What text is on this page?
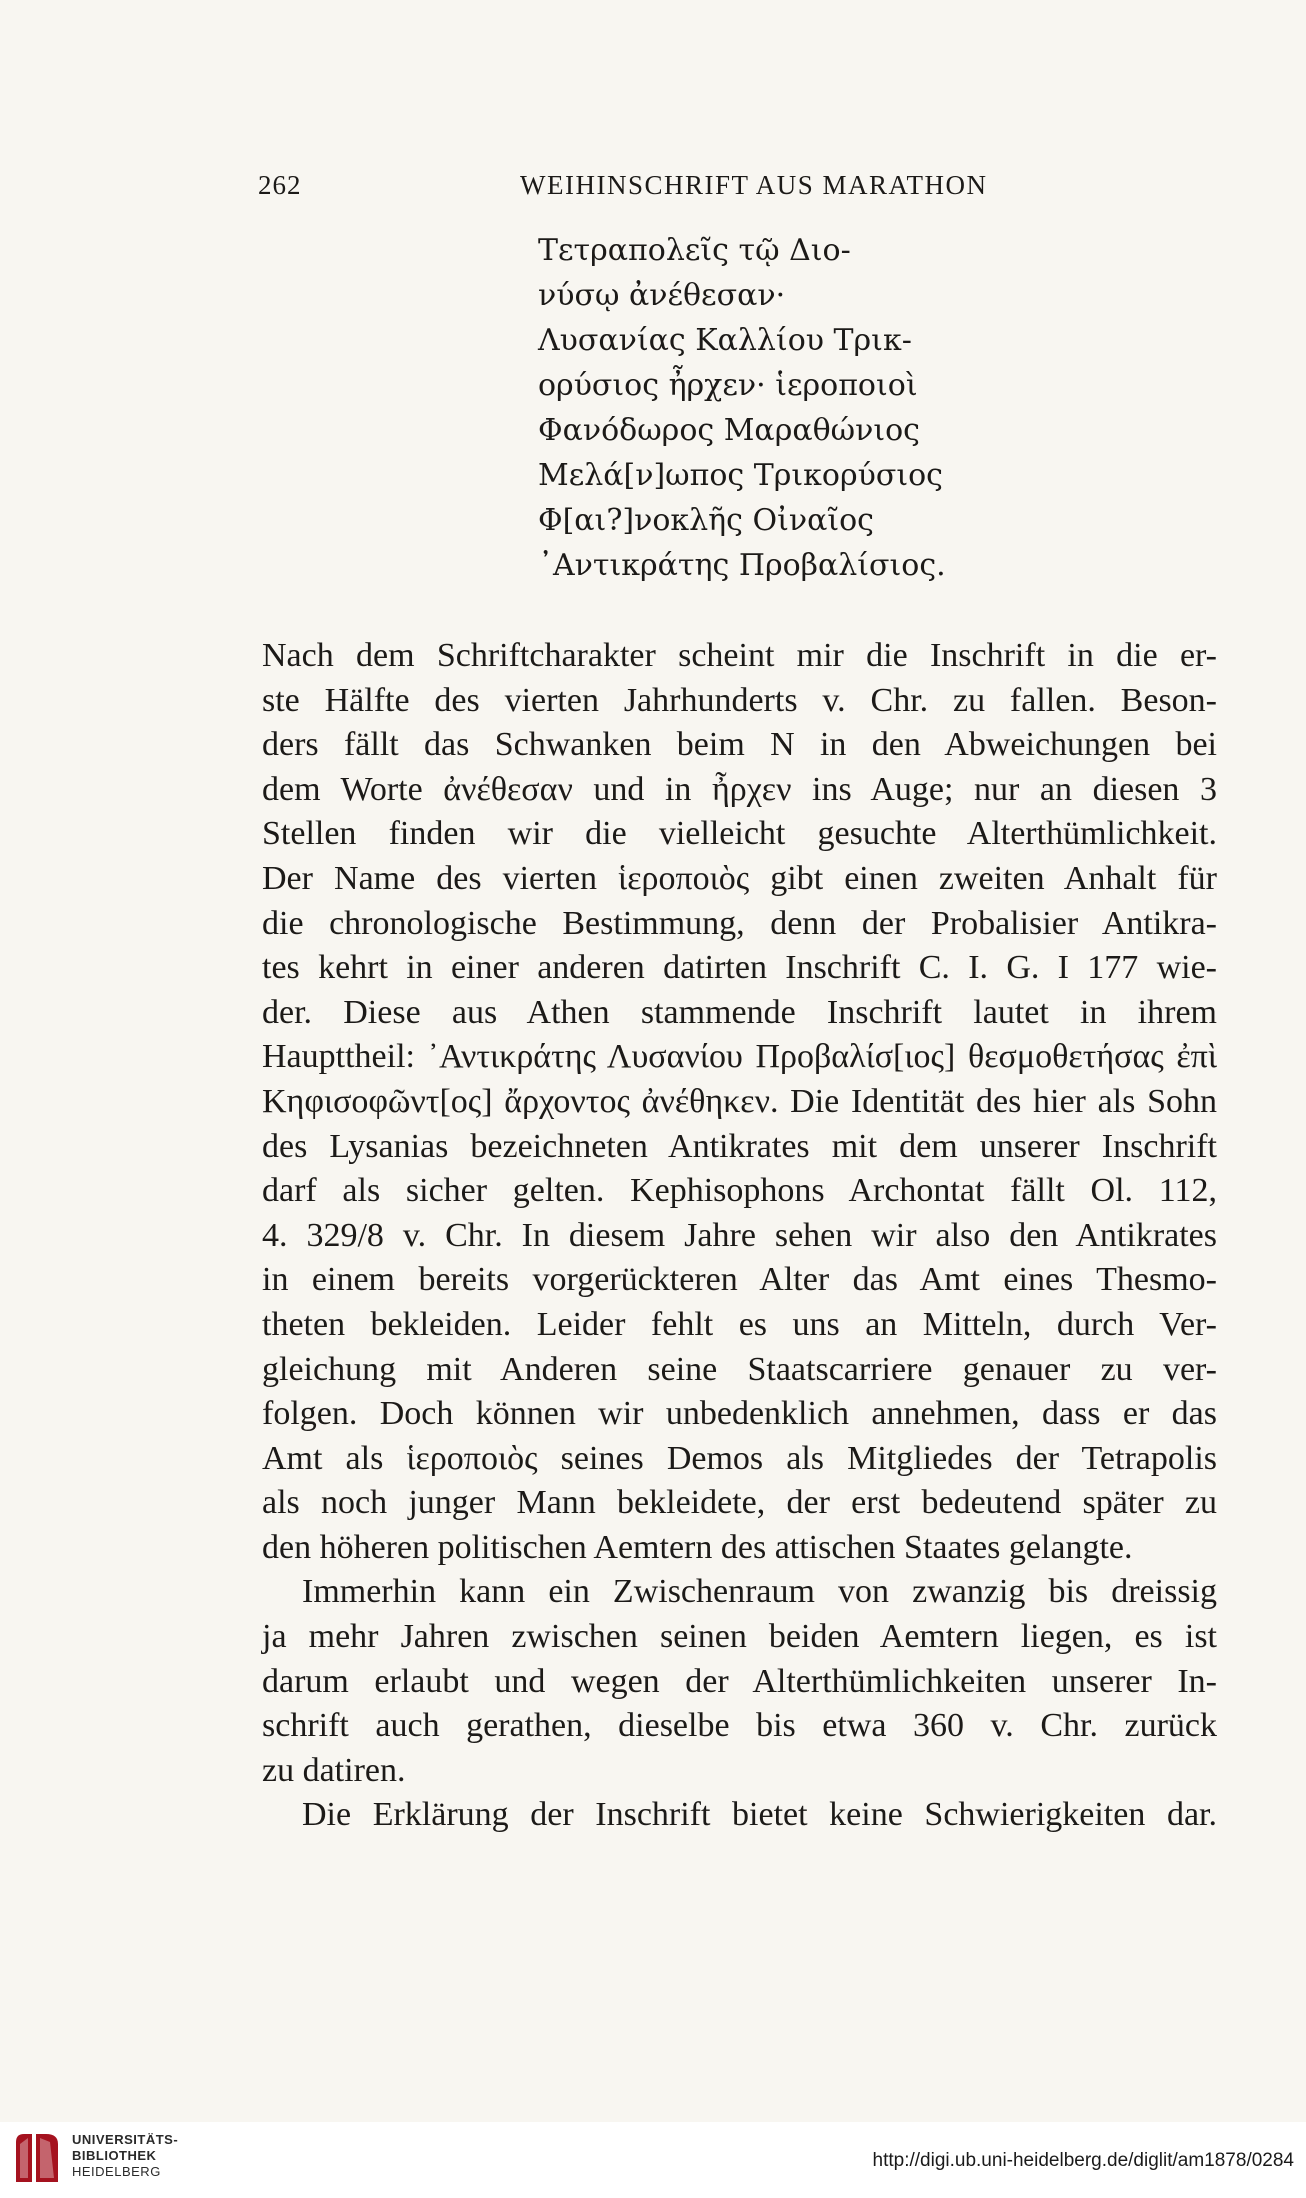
262	WEIHINSCHRIFT AUS MARATHON
Τετραπολεῖς τῷ Διο-
νύσῳ ἀνέθεσαν·
Λυσανίας Καλλίου Τρικ-
ορύσιος ἦρχεν· ἱεροποιοὶ
Φανόδωρος Μαραθώνιος
Μελά[ν]ωπος Τρικορύσιος
Φ[αι?]νοκλῆς Οἰναῖος
᾿Αντικράτης Προβαλίσιος.
Nach dem Schriftcharakter scheint mir die Inschrift in die er-
ste Hälfte des vierten Jahrhunderts v. Chr. zu fallen. Beson-
ders fällt das Schwanken beim N in den Abweichungen bei
dem Worte ἀνέθεσαν und in ἦρχεν ins Auge; nur an diesen 3
Stellen finden wir die vielleicht gesuchte Alterthümlichkeit.
Der Name des vierten ἱεροποιὸς gibt einen zweiten Anhalt für
die chronologische Bestimmung, denn der Probalisier Antikra-
tes kehrt in einer anderen datirten Inschrift C. I. G. I 177 wie-
der. Diese aus Athen stammende Inschrift lautet in ihrem
Haupttheil: ᾿Αντικράτης Λυσανίου Προβαλίσ[ιος] θεσμοθετήσας ἐπὶ
Κηφισοφῶντ[ος] ἄρχοντος ἀνέθηκεν. Die Identität des hier als Sohn
des Lysanias bezeichneten Antikrates mit dem unserer Inschrift
darf als sicher gelten. Kephisophons Archontat fällt Ol. 112,
4. 329/8 v. Chr. In diesem Jahre sehen wir also den Antikrates
in einem bereits vorgerückteren Alter das Amt eines Thesmo-
theten bekleiden. Leider fehlt es uns an Mitteln, durch Ver-
gleichung mit Anderen seine Staatscarriere genauer zu ver-
folgen. Doch können wir unbedenklich annehmen, dass er das
Amt als ἱεροποιὸς seines Demos als Mitgliedes der Tetrapolis
als noch junger Mann bekleidete, der erst bedeutend später zu
den höheren politischen Aemtern des attischen Staates gelangte.
Immerhin kann ein Zwischenraum von zwanzig bis dreissig
ja mehr Jahren zwischen seinen beiden Aemtern liegen, es ist
darum erlaubt und wegen der Alterthümlichkeiten unserer In-
schrift auch gerathen, dieselbe bis etwa 360 v. Chr. zurück
zu datiren.
Die Erklärung der Inschrift bietet keine Schwierigkeiten dar.
UNIVERSITÄTS-
BIBLIOTHEK
HEIDELBERG
http://digi.ub.uni-heidelberg.de/diglit/am1878/0284
